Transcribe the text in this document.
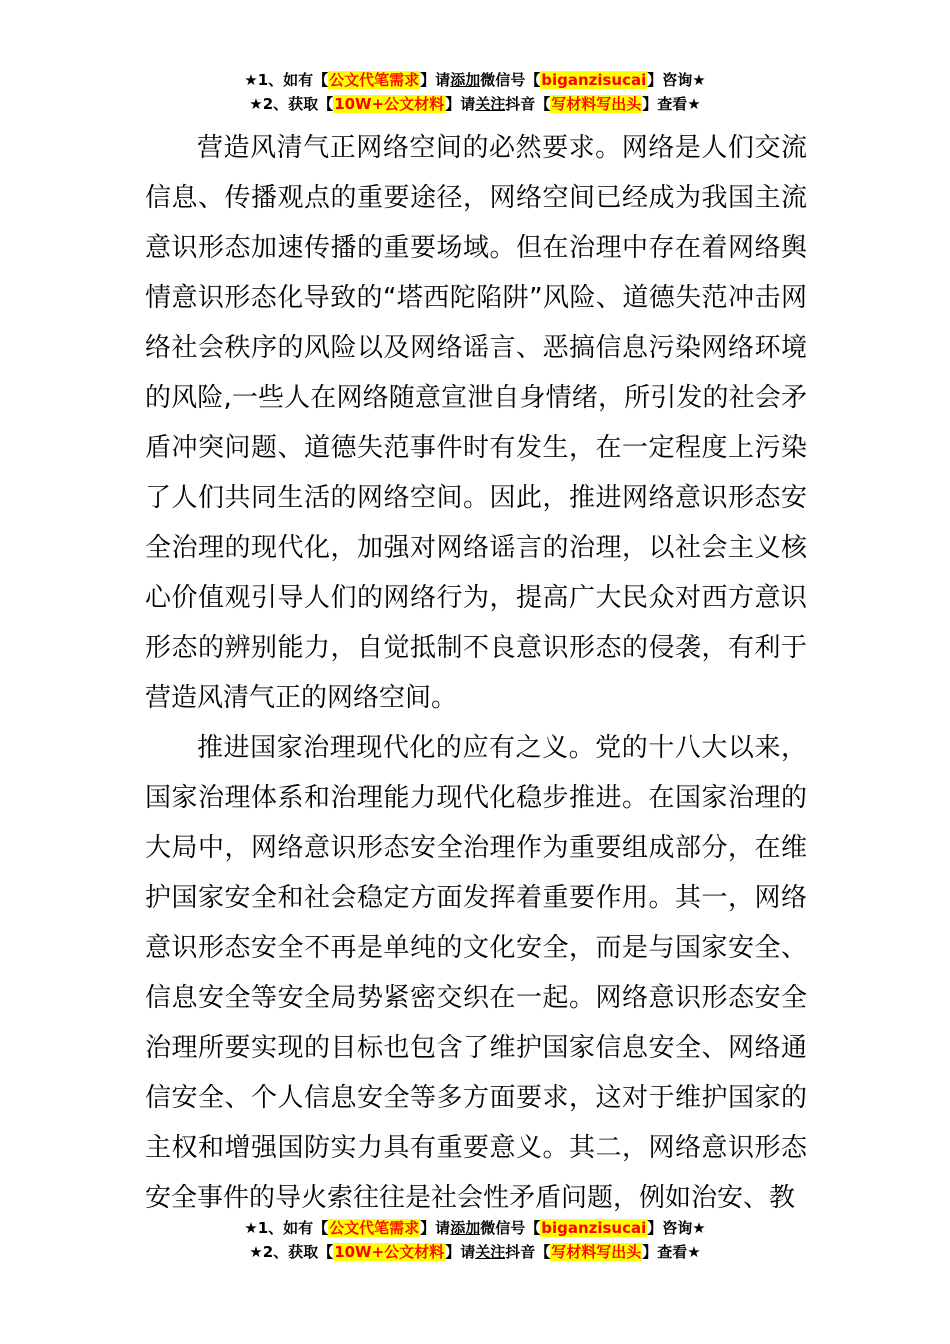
★1、如有【公文代笔需求】请添加微信号【biganzisucai】咨询★
★2、获取【10W+公文材料】请关注抖音【写材料写出头】查看★

营造风清气正网络空间的必然要求。网络是人们交流信息、传播观点的重要途径，网络空间已经成为我国主流意识形态加速传播的重要场域。但在治理中存在着网络舆情意识形态化导致的“塔西陀陷阱”风险、道德失范冲击网络社会秩序的风险以及网络谣言、恶搞信息污染网络环境的风险,一些人在网络随意宣泄自身情绪，所引发的社会矛盾冲突问题、道德失范事件时有发生，在一定程度上污染了人们共同生活的网络空间。因此，推进网络意识形态安全治理的现代化，加强对网络谣言的治理，以社会主义核心价值观引导人们的网络行为，提高广大民众对西方意识形态的辨别能力，自觉抵制不良意识形态的侵袭，有利于营造风清气正的网络空间。

推进国家治理现代化的应有之义。党的十八大以来，国家治理体系和治理能力现代化稳步推进。在国家治理的大局中，网络意识形态安全治理作为重要组成部分，在维护国家安全和社会稳定方面发挥着重要作用。其一，网络意识形态安全不再是单纯的文化安全，而是与国家安全、信息安全等安全局势紧密交织在一起。网络意识形态安全治理所要实现的目标也包含了维护国家信息安全、网络通信安全、个人信息安全等多方面要求，这对于维护国家的主权和增强国防实力具有重要意义。其二，网络意识形态安全事件的导火索往往是社会性矛盾问题，例如治安、教

★1、如有【公文代笔需求】请添加微信号【biganzisucai】咨询★
★2、获取【10W+公文材料】请关注抖音【写材料写出头】查看★
